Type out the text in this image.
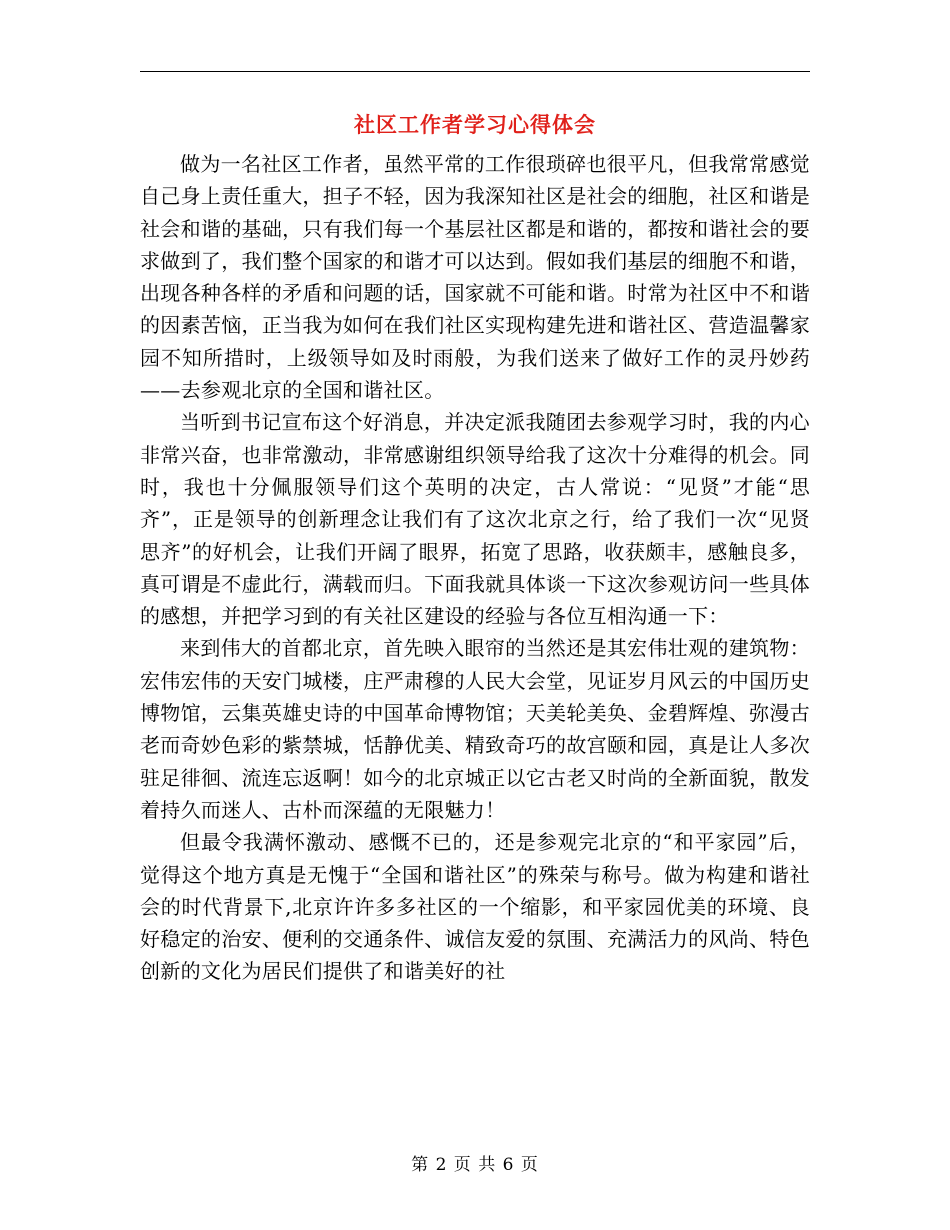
社区工作者学习心得体会

做为一名社区工作者，虽然平常的工作很琐碎也很平凡，但我常常感觉自己身上责任重大，担子不轻，因为我深知社区是社会的细胞，社区和谐是社会和谐的基础，只有我们每一个基层社区都是和谐的，都按和谐社会的要求做到了，我们整个国家的和谐才可以达到。假如我们基层的细胞不和谐，出现各种各样的矛盾和问题的话，国家就不可能和谐。时常为社区中不和谐的因素苦恼，正当我为如何在我们社区实现构建先进和谐社区、营造温馨家园不知所措时，上级领导如及时雨般，为我们送来了做好工作的灵丹妙药——去参观北京的全国和谐社区。

当听到书记宣布这个好消息，并决定派我随团去参观学习时，我的内心非常兴奋，也非常激动，非常感谢组织领导给我了这次十分难得的机会。同时，我也十分佩服领导们这个英明的决定，古人常说：“见贤”才能“思齐”，正是领导的创新理念让我们有了这次北京之行，给了我们一次“见贤思齐”的好机会，让我们开阔了眼界，拓宽了思路，收获颇丰，感触良多，真可谓是不虚此行，满载而归。下面我就具体谈一下这次参观访问一些具体的感想，并把学习到的有关社区建设的经验与各位互相沟通一下：

来到伟大的首都北京，首先映入眼帘的当然还是其宏伟壮观的建筑物：宏伟宏伟的天安门城楼，庄严肃穆的人民大会堂，见证岁月风云的中国历史博物馆，云集英雄史诗的中国革命博物馆；天美轮美奂、金碧辉煌、弥漫古老而奇妙色彩的紫禁城，恬静优美、精致奇巧的故宫颐和园，真是让人多次驻足徘徊、流连忘返啊！如今的北京城正以它古老又时尚的全新面貌，散发着持久而迷人、古朴而深蕴的无限魅力！

但最令我满怀激动、感慨不已的，还是参观完北京的“和平家园”后，觉得这个地方真是无愧于“全国和谐社区”的殊荣与称号。做为构建和谐社会的时代背景下,北京许许多多社区的一个缩影，和平家园优美的环境、良好稳定的治安、便利的交通条件、诚信友爱的氛围、充满活力的风尚、特色创新的文化为居民们提供了和谐美好的社

第 2 页 共 6 页
